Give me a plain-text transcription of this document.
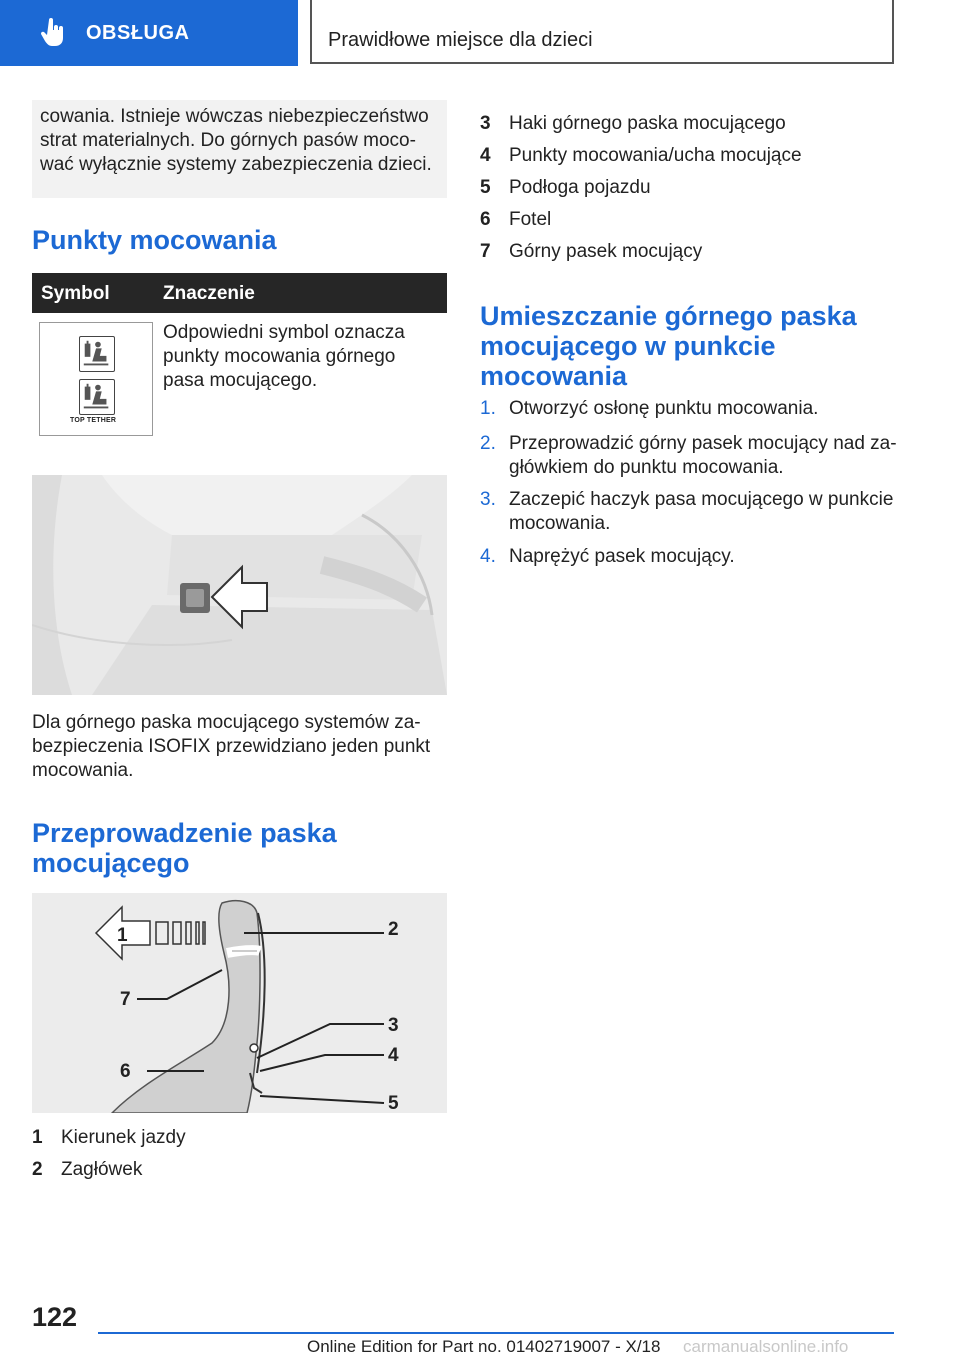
OBSŁUGA	Prawidłowe miejsce dla dzieci
cowania. Istnieje wówczas niebezpieczeństwo
strat materialnych. Do górnych pasów moco-
wać wyłącznie systemy zabezpieczenia dzieci.
Punkty mocowania
Symbol	Znaczenie
TOP TETHER
Odpowiedni symbol oznacza
punkty mocowania górnego
pasa mocującego.
Dla górnego paska mocującego systemów za-
bezpieczenia ISOFIX przewidziano jeden punkt
mocowania.
Przeprowadzenie paska
mocującego
1	2
7
3
4
6
5
1 Kierunek jazdy
2 Zagłówek
3 Haki górnego paska mocującego
4 Punkty mocowania/ucha mocujące
5 Podłoga pojazdu
6 Fotel
7 Górny pasek mocujący
Umieszczanie górnego paska
mocującego w punkcie
mocowania
1. Otworzyć osłonę punktu mocowania.
2. Przeprowadzić górny pasek mocujący nad za-
główkiem do punktu mocowania.
3. Zaczepić haczyk pasa mocującego w punkcie
mocowania.
4. Naprężyć pasek mocujący.
122
Online Edition for Part no. 01402719007 - X/18 carmanualsonline.info
